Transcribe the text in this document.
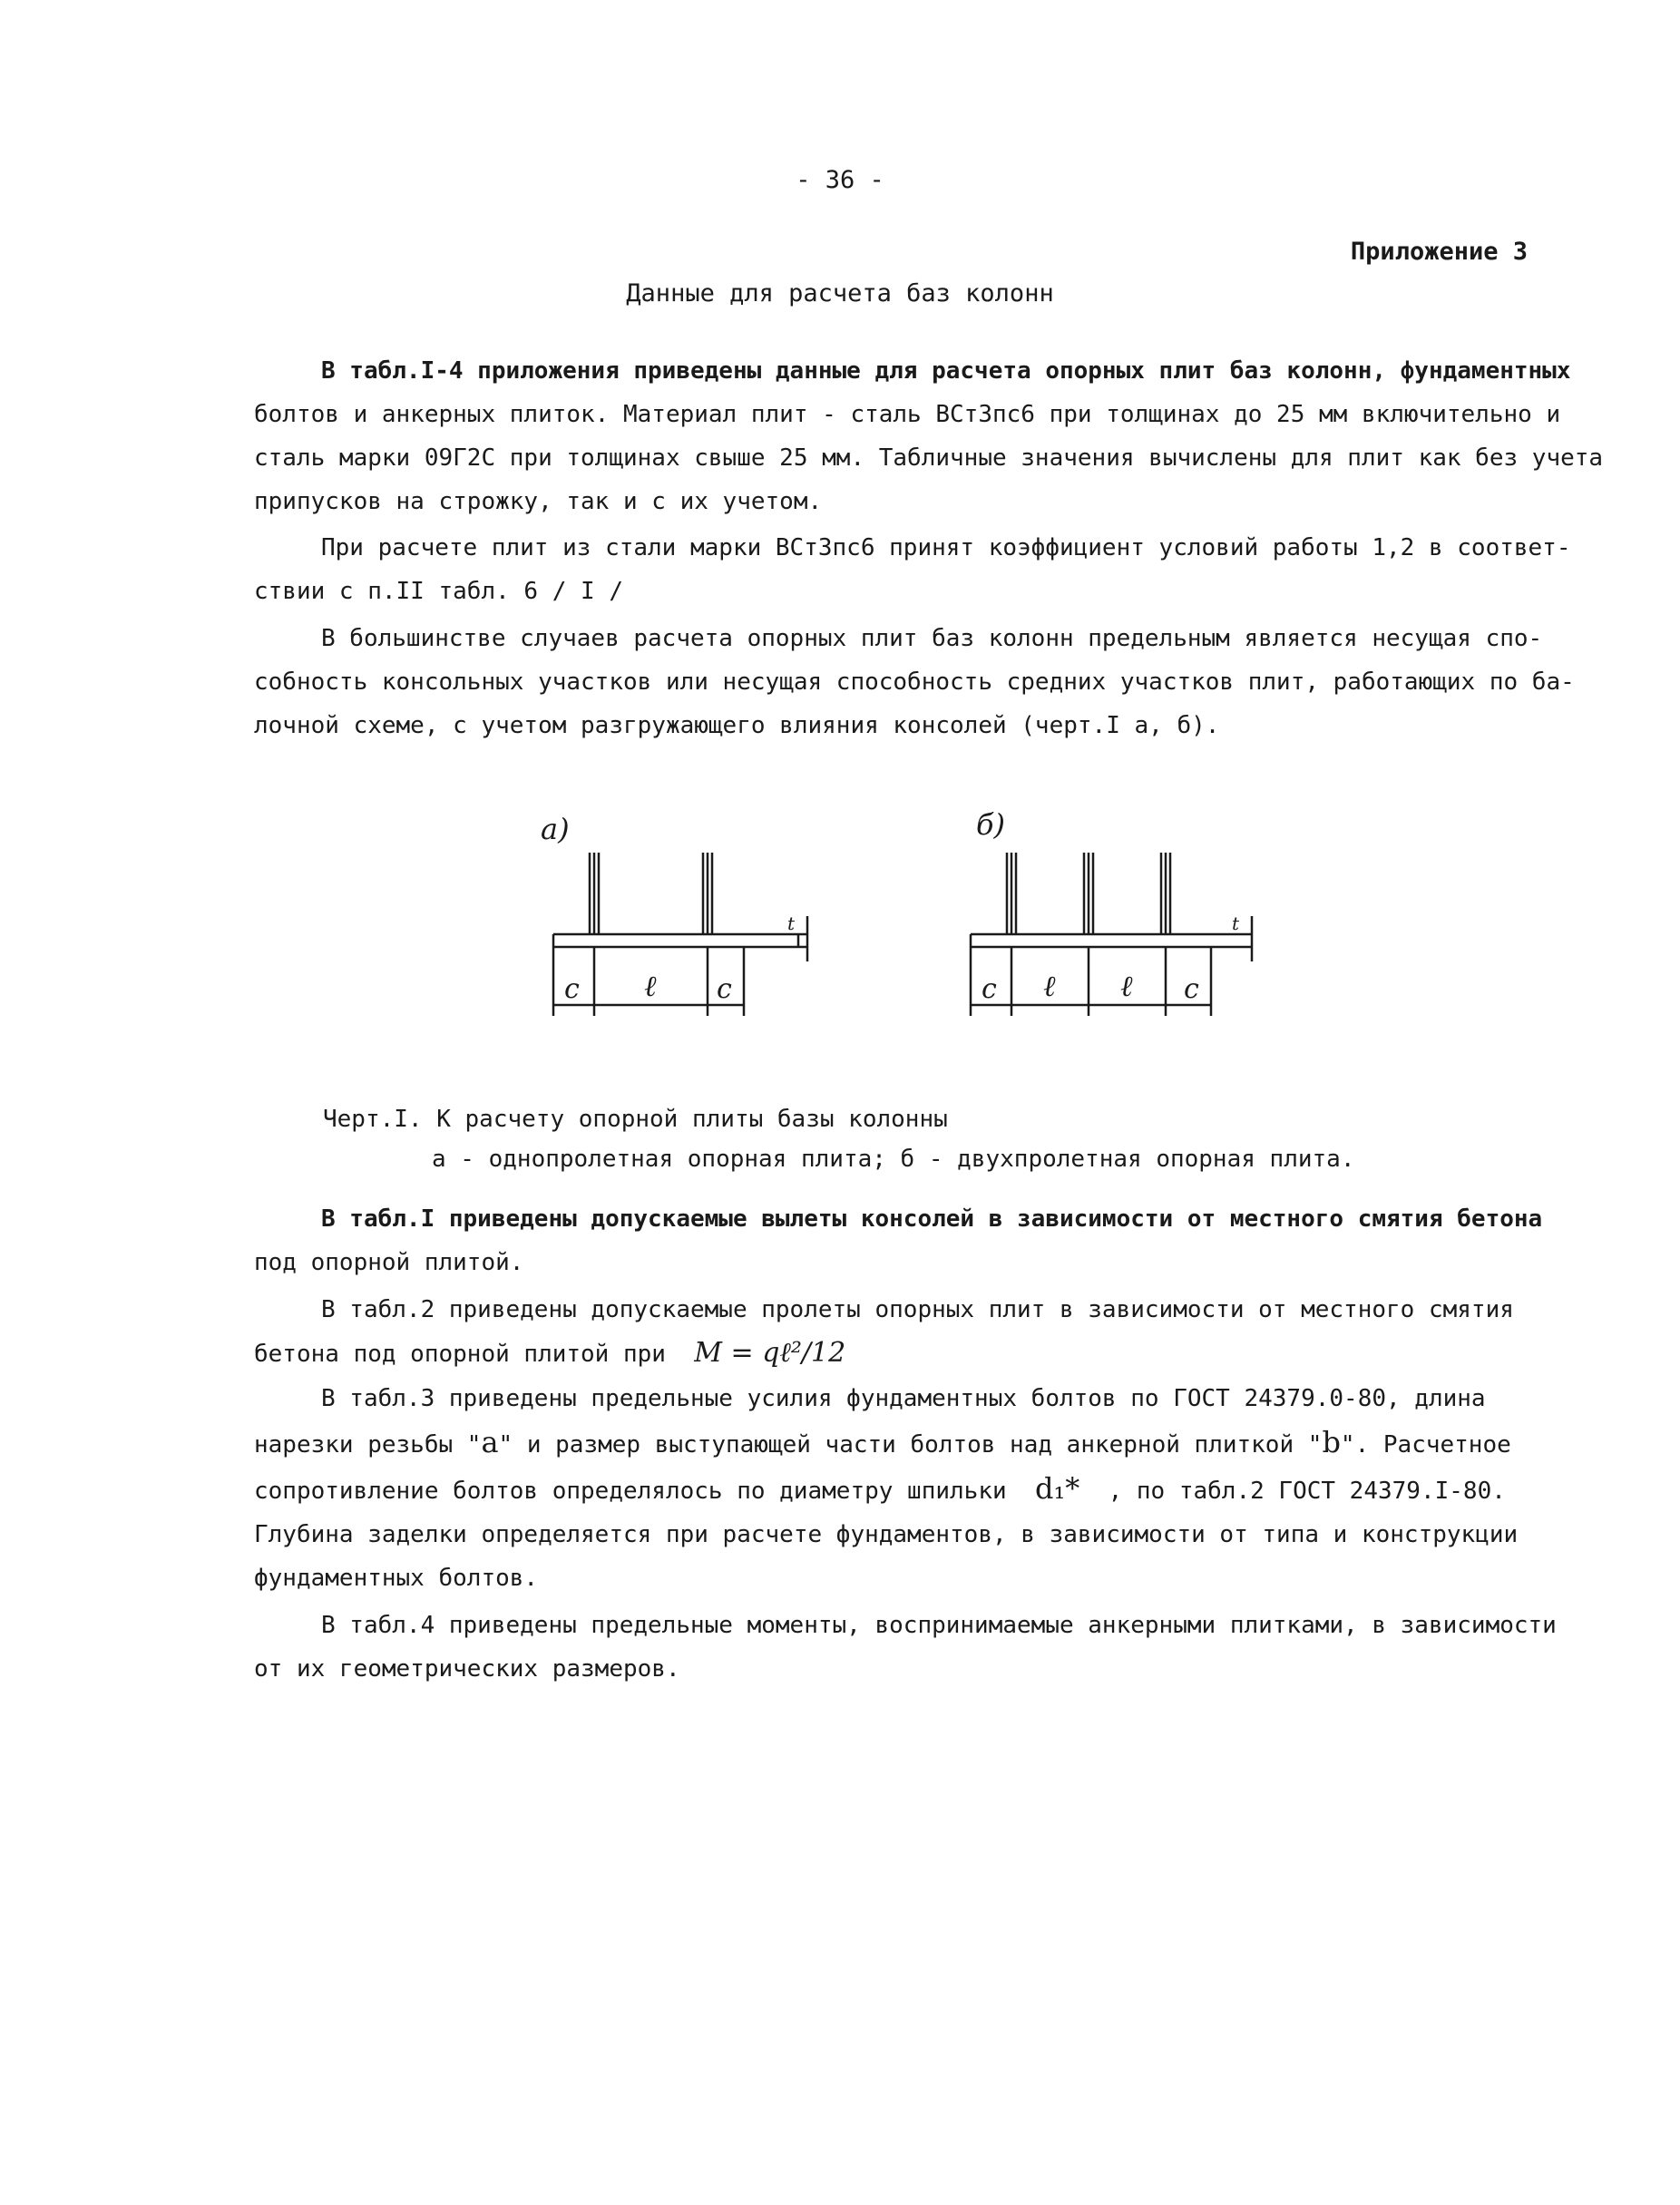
- 36 -
Приложение 3
Данные для расчета баз колонн
В табл.I-4 приложения приведены данные для расчета опорных плит баз колонн, фундаментных
болтов и анкерных плиток. Материал плит - сталь ВСт3пс6 при толщинах до 25 мм включительно и
сталь марки 09Г2С при толщинах свыше 25 мм. Табличные значения вычислены для плит как без учета
припусков на строжку, так и с их учетом.
При расчете плит из стали марки ВСт3пс6 принят коэффициент условий работы 1,2 в соответ-
ствии с п.II табл. 6 / I /
В большинстве случаев расчета опорных плит баз колонн предельным является несущая спо-
собность консольных участков или несущая способность средних участков плит, работающих по ба-
лочной схеме, с учетом разгружающего влияния консолей (черт.I а, б).
а)
c ℓ c
t
б)
c ℓ ℓ c
t
Черт.I. К расчету опорной плиты базы колонны
а - однопролетная опорная плита; б - двухпролетная опорная плита.
В табл.I приведены допускаемые вылеты консолей в зависимости от местного смятия бетона
под опорной плитой.
В табл.2 приведены допускаемые пролеты опорных плит в зависимости от местного смятия
бетона под опорной плитой при M = qℓ²/12
В табл.3 приведены предельные усилия фундаментных болтов по ГОСТ 24379.0-80, длина
нарезки резьбы "a" и размер выступающей части болтов над анкерной плиткой "b". Расчетное
сопротивление болтов определялось по диаметру шпильки d₁* , по табл.2 ГОСТ 24379.I-80.
Глубина заделки определяется при расчете фундаментов, в зависимости от типа и конструкции
фундаментных болтов.
В табл.4 приведены предельные моменты, воспринимаемые анкерными плитками, в зависимости
от их геометрических размеров.
